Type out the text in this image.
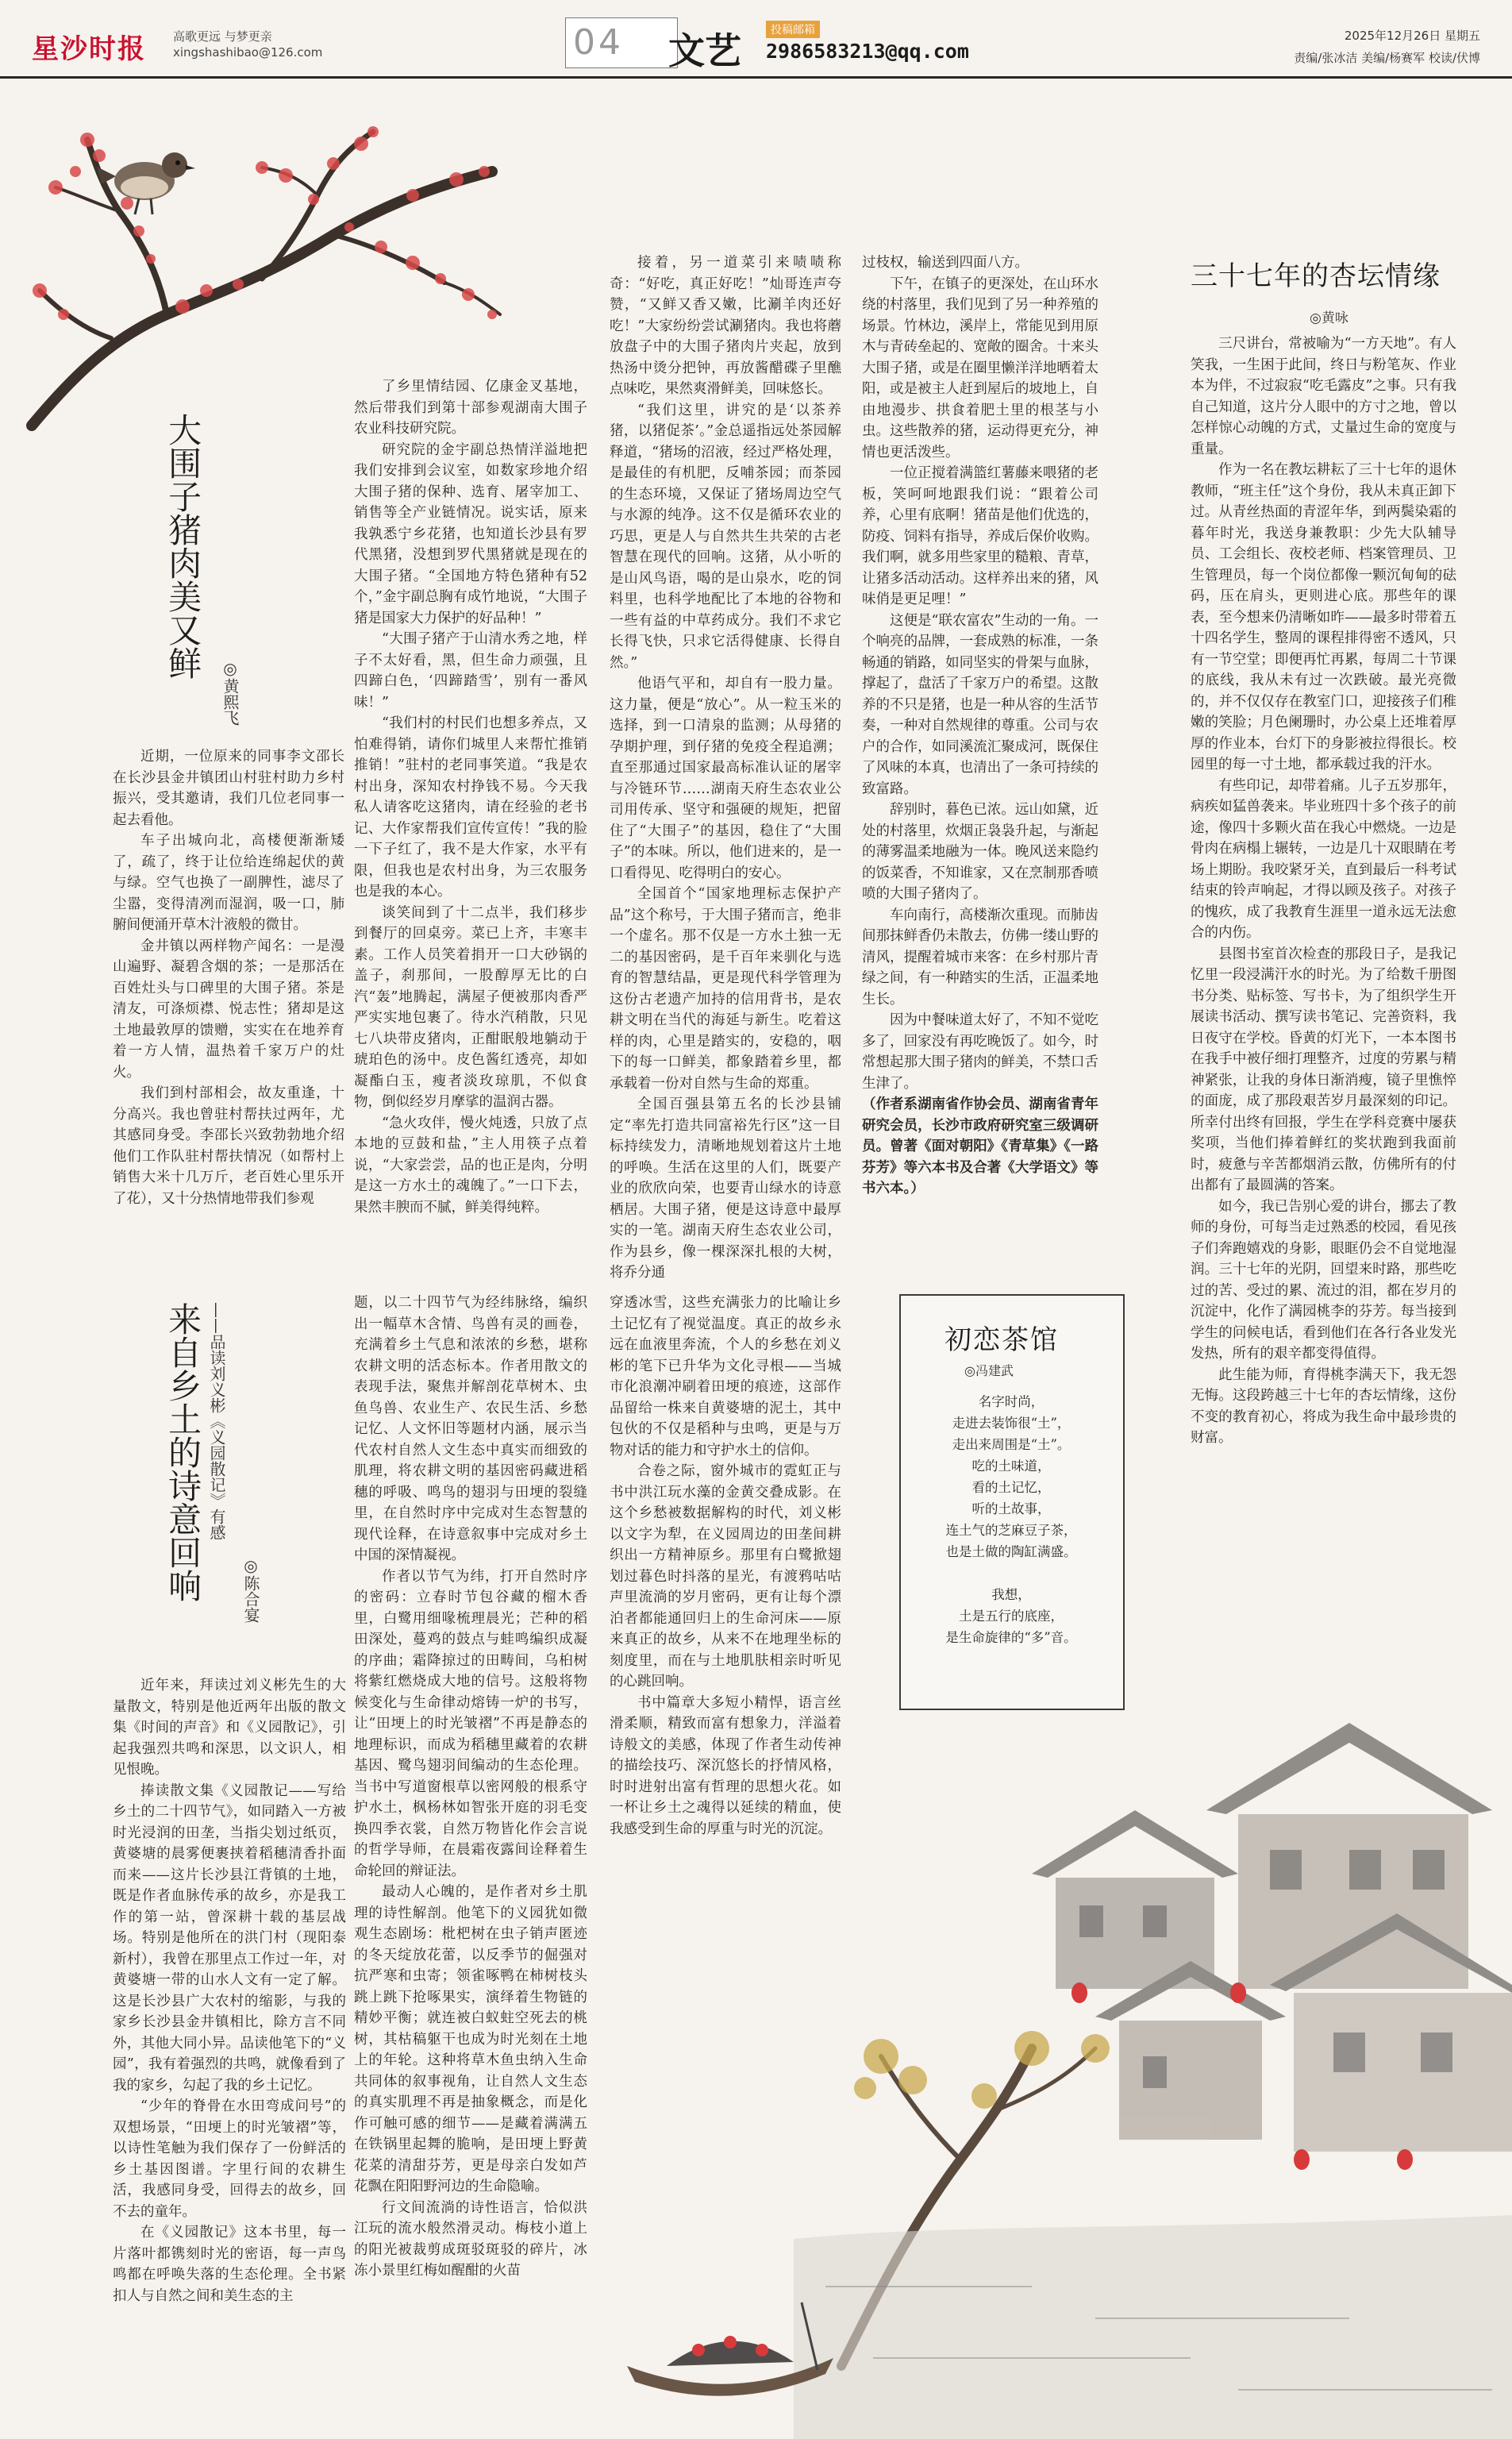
星沙时报 高歌更远 与梦更亲
xingshashibao@126.com	04 文艺	投稿邮箱
2986583213@qq.com
2025年12月26日 星期五
责编/张冰洁 美编/杨赛军 校读/伏博
大围子猪肉美又鲜 ◎黄熙飞

近期，一位原来的同事李文邵长在长沙县金井镇团山村驻村助力乡村振兴，受其邀请，我们几位老同事一起去看他。

车子出城向北，高楼便渐渐矮了，疏了，终于让位给连绵起伏的黄与绿。空气也换了一副脾性，滤尽了尘嚣，变得清冽而湿润，吸一口，肺腑间便涌开草木汁液般的微甘。

金井镇以两样物产闻名：一是漫山遍野、凝碧含烟的茶；一是那活在百姓灶头与口碑里的大围子猪。茶是清友，可涤烦襟、悦志性；猪却是这土地最敦厚的馈赠，实实在在地养育着一方人情，温热着千家万户的灶火。

我们到村部相会，故友重逢，十分高兴。我也曾驻村帮扶过两年，尤其感同身受。李邵长兴致勃勃地介绍他们工作队驻村帮扶情况（如帮村上销售大米十几万斤，老百姓心里乐开了花），又十分热情地带我们参观

了乡里情结园、亿康金叉基地，然后带我们到第十部参观湖南大围子农业科技研究院。

研究院的金宇副总热情洋溢地把我们安排到会议室，如数家珍地介绍大围子猪的保种、选育、屠宰加工、销售等全产业链情况。说实话，原来我孰悉宁乡花猪，也知道长沙县有罗代黑猪，没想到罗代黑猪就是现在的大围子猪。“全国地方特色猪种有52个，”金宇副总胸有成竹地说，“大围子猪是国家大力保护的好品种！”

“大围子猪产于山清水秀之地，样子不太好看，黑，但生命力顽强，且四蹄白色，‘四蹄踏雪’，别有一番风味！”

“我们村的村民们也想多养点，又怕难得销，请你们城里人来帮忙推销推销！”驻村的老同事笑道。“我是农村出身，深知农村挣钱不易。今天我私人请客吃这猪肉，请在经验的老书记、大作家帮我们宣传宣传！”我的脸一下子红了，我不是大作家，水平有限，但我也是农村出身，为三农服务也是我的本心。

谈笑间到了十二点半，我们移步到餐厅的回桌旁。菜已上齐，丰寒丰素。工作人员笑着捐开一口大砂锅的盖子，刹那间，一股醇厚无比的白汽“轰”地腾起，满屋子便被那肉香严严实实地包裹了。待水汽稍散，只见七八块带皮猪肉，正酣眠般地躺动于琥珀色的汤中。皮色酱红透亮，却如凝酯白玉，瘦者淡玫琼肌，不似食物，倒似经岁月摩挲的温润古器。

“急火攻伴，慢火炖透，只放了点本地的豆鼓和盐，”主人用筷子点着说，“大家尝尝，品的也正是肉，分明是这一方水土的魂魄了。”一口下去，果然丰腴而不腻，鲜美得纯粹。

接着，另一道菜引来啧啧称奇：“好吃，真正好吃！”灿哥连声夸赞，“又鲜又香又嫩，比涮羊肉还好吃！”大家纷纷尝试涮猪肉。我也将蘑放盘子中的大围子猪肉片夹起，放到热汤中烫分把钟，再放酱醋碟子里醮点味吃，果然爽滑鲜美，回味悠长。

“我们这里，讲究的是‘以茶养猪，以猪促茶’。”金总遥指远处茶园解释道，“猪场的沼液，经过严格处理，是最佳的有机肥，反哺茶园；而茶园的生态环境，又保证了猪场周边空气与水源的纯净。这不仅是循环农业的巧思，更是人与自然共生共荣的古老智慧在现代的回响。这猪，从小听的是山风鸟语，喝的是山泉水，吃的饲料里，也科学地配比了本地的谷物和一些有益的中草药成分。我们不求它长得飞快，只求它活得健康、长得自然。”

他语气平和，却自有一股力量。这力量，便是“放心”。从一粒玉米的选择，到一口清泉的监测；从母猪的孕期护理，到仔猪的免疫全程追溯；直至那通过国家最高标准认证的屠宰与冷链环节……湖南天府生态农业公司用传承、坚守和强硬的规矩，把留住了“大围子”的基因，稳住了“大围子”的本味。所以，他们进来的，是一口看得见、吃得明白的安心。

全国首个“国家地理标志保护产品”这个称号，于大围子猪而言，绝非一个虚名。那不仅是一方水土独一无二的基因密码，是千百年来驯化与选育的智慧结晶，更是现代科学管理为这份古老遗产加持的信用背书，是农耕文明在当代的海延与新生。吃着这样的肉，心里是踏实的，安稳的，咽下的每一口鲜美，都象踏着乡里，都承载着一份对自然与生命的郑重。

全国百强县第五名的长沙县铺定“率先打造共同富裕先行区”这一目标持续发力，清晰地规划着这片土地的呼唤。生活在这里的人们，既要产业的欣欣向荣，也要青山绿水的诗意栖居。大围子猪，便是这诗意中最厚实的一笔。湖南天府生态农业公司，作为县乡，像一棵深深扎根的大树，将乔分通

过枝权，输送到四面八方。

下午，在镇子的更深处，在山环水绕的村落里，我们见到了另一种养殖的场景。竹林边，溪岸上，常能见到用原木与青砖垒起的、宽敞的圈舍。十来头大围子猪，或是在圈里懒洋洋地晒着太阳，或是被主人赶到屋后的坡地上，自由地漫步、拱食着肥土里的根茎与小虫。这些散养的猪，运动得更充分，神情也更活泼些。

一位正搅着满篮红薯藤来喂猪的老板，笑呵呵地跟我们说：“跟着公司养，心里有底啊！猪苗是他们优选的，防疫、饲料有指导，养成后保价收购。我们啊，就多用些家里的糙粮、青草，让猪多活动活动。这样养出来的猪，风味俏是更足哩！”

这便是“联农富农”生动的一角。一个响亮的品牌，一套成熟的标准，一条畅通的销路，如同坚实的骨架与血脉，撑起了，盘活了千家万户的希望。这散养的不只是猪，也是一种从容的生活节奏，一种对自然规律的尊重。公司与农户的合作，如同溪流汇聚成河，既保住了风味的本真，也清出了一条可持续的致富路。

辞别时，暮色已浓。远山如黛，近处的村落里，炊烟正袅袅升起，与渐起的薄雾温柔地融为一体。晚风送来隐约的饭菜香，不知谁家，又在烹制那香喷喷的大围子猪肉了。

车向南行，高楼渐次重现。而肺齿间那抹鲜香仍未散去，仿佛一缕山野的清风，提醒着城市来客：在乡村那片青绿之间，有一种踏实的生活，正温柔地生长。

因为中餐味道太好了，不知不觉吃多了，回家没有再吃晚饭了。如今，时常想起那大围子猪肉的鲜美，不禁口舌生津了。

（作者系湖南省作协会员、湖南省青年研究会员，长沙市政府研究室三级调研员。曾著《面对朝阳》《青草集》《一路芬芳》等六本书及合著《大学语文》等书六本。）

三十七年的杏坛情缘
◎黄咏

三尺讲台，常被喻为“一方天地”。有人笑我，一生困于此间，终日与粉笔灰、作业本为伴，不过寂寂“吃毛露皮”之事。只有我自己知道，这片分人眼中的方寸之地，曾以怎样惊心动魄的方式，丈量过生命的宽度与重量。

作为一名在教坛耕耘了三十七年的退休教师，“班主任”这个身份，我从未真正卸下过。从青丝热面的青涩年华，到两鬓染霜的暮年时光，我送身兼教职：少先大队辅导员、工会组长、夜校老师、档案管理员、卫生管理员，每一个岗位都像一颗沉甸甸的砝码，压在肩头，更则进心底。那些年的课表，至今想来仍清晰如昨——最多时带着五十四名学生，整周的课程排得密不透风，只有一节空堂；即便再忙再累，每周二十节课的底线，我从未有过一次跌破。最光亮微的，并不仅仅存在教室门口，迎接孩子们稚嫩的笑脸；月色阑珊时，办公桌上还堆着厚厚的作业本，台灯下的身影被拉得很长。校园里的每一寸土地，都承载过我的汗水。

有些印记，却带着痛。儿子五岁那年，病疾如猛兽袭来。毕业班四十多个孩子的前途，像四十多颗火苗在我心中燃烧。一边是骨肉在病榻上辗转，一边是几十双眼睛在考场上期盼。我咬紧牙关，直到最后一科考试结束的铃声响起，才得以顾及孩子。对孩子的愧疚，成了我教育生涯里一道永远无法愈合的内伤。

县图书室首次检查的那段日子，是我记忆里一段浸满汗水的时光。为了给数千册图书分类、贴标签、写书卡，为了组织学生开展读书活动、撰写读书笔记、完善资料，我日夜守在学校。昏黄的灯光下，一本本图书在我手中被仔细打理整齐，过度的劳累与精神紧张，让我的身体日渐消瘦，镜子里憔悴的面庞，成了那段艰苦岁月最深刻的印记。所幸付出终有回报，学生在学科竞赛中屡获奖项，当他们捧着鲜红的奖状跑到我面前时，疲惫与辛苦都烟消云散，仿佛所有的付出都有了最圆满的答案。

如今，我已告别心爱的讲台，挪去了教师的身份，可每当走过熟悉的校园，看见孩子们奔跑嬉戏的身影，眼眶仍会不自觉地湿润。三十七年的光阴，回望来时路，那些吃过的苦、受过的累、流过的泪，都在岁月的沉淀中，化作了满园桃李的芬芳。每当接到学生的问候电话，看到他们在各行各业发光发热，所有的艰辛都变得值得。

此生能为师，育得桃李满天下，我无怨无悔。这段跨越三十七年的杏坛情缘，这份不变的教育初心，将成为我生命中最珍贵的财富。

来自乡土的诗意回响 ——品读刘义彬《义园散记》有感
◎陈合宴

近年来，拜读过刘义彬先生的大量散文，特别是他近两年出版的散文集《时间的声音》和《义园散记》，引起我强烈共鸣和深思，以文识人，相见恨晚。

捧读散文集《义园散记——写给乡土的二十四节气》，如同踏入一方被时光浸润的田垄，当指尖划过纸页，黄婆塘的晨雾便裹挟着稻穗清香扑面而来——这片长沙县江背镇的土地，既是作者血脉传承的故乡，亦是我工作的第一站，曾深耕十载的基层战场。特别是他所在的洪门村（现阳泰新村），我曾在那里点工作过一年，对黄婆塘一带的山水人文有一定了解。这是长沙县广大农村的缩影，与我的家乡长沙县金井镇相比，除方言不同外，其他大同小异。品读他笔下的“义园”，我有着强烈的共鸣，就像看到了我的家乡，勾起了我的乡土记忆。

“少年的脊骨在水田弯成问号”的双想场景，“田埂上的时光皱褶”等，以诗性笔触为我们保存了一份鲜活的乡土基因图谱。字里行间的农耕生活，我感同身受，回得去的故乡，回不去的童年。

在《义园散记》这本书里，每一片落叶都镌刻时光的密语，每一声鸟鸣都在呼唤失落的生态伦理。全书紧扣人与自然之间和美生态的主

题，以二十四节气为经纬脉络，编织出一幅草木含情、鸟兽有灵的画卷，充满着乡土气息和浓浓的乡愁，堪称农耕文明的活态标本。作者用散文的表现手法，聚焦并解剖花草树木、虫鱼鸟兽、农业生产、农民生活、乡愁记忆、人文怀旧等题材内涵，展示当代农村自然人文生态中真实而细致的肌理，将农耕文明的基因密码藏进稻穗的呼吸、鸣鸟的翅羽与田埂的裂缝里，在自然时序中完成对生态智慧的现代诠释，在诗意叙事中完成对乡土中国的深情凝视。

作者以节气为纬，打开自然时序的密码：立春时节包谷藏的榴木香里，白鹭用细喙梳理晨光；芒种的稻田深处，蔓鸡的鼓点与蛙鸣编织成凝的序曲；霜降掠过的田畴间，乌桕树将紫红燃烧成大地的信号。这般将物候变化与生命律动熔铸一炉的书写，让“田埂上的时光皱褶”不再是静态的地理标识，而成为稻穗里藏着的农耕基因、鹭鸟翅羽间编动的生态伦理。当书中写道窗根草以密网般的根系守护水土，枫杨林如智张开庭的羽毛变换四季衣裳，自然万物皆化作会言说的哲学导师，在晨霜夜露间诠释着生命轮回的辩证法。

最动人心魄的，是作者对乡土肌理的诗性解剖。他笔下的义园犹如微观生态剧场：枇杷树在虫子销声匿迹的冬天绽放花蕾，以反季节的倔强对抗严寒和虫寄；领雀啄鸭在柿树枝头跳上跳下抢啄果实，演绎着生物链的精妙平衡；就连被白蚁蛀空死去的桃树，其枯稿躯干也成为时光刻在土地上的年轮。这种将草木鱼虫纳入生命共同体的叙事视角，让自然人文生态的真实肌理不再是抽象概念，而是化作可触可感的细节——是藏着满满五在铁锅里起舞的脆响，是田埂上野黄花菜的清甜芬芳，更是母亲白发如芦花飘在阳阳野河边的生命隐喻。

行文间流淌的诗性语言，恰似洪江玩的流水般然滑灵动。梅枝小道上的阳光被裁剪成斑驳斑驳的碎片，冰冻小景里红梅如醒酣的火苗

穿透冰雪，这些充满张力的比喻让乡土记忆有了视觉温度。真正的故乡永远在血液里奔流，个人的乡愁在刘义彬的笔下已升华为文化寻根——当城市化浪潮冲刷着田埂的痕迹，这部作品留给一株来自黄婆塘的泥土，其中包伙的不仅是稻种与虫鸣，更是与万物对话的能力和守护水土的信仰。

合卷之际，窗外城市的霓虹正与书中洪江玩水藻的金黄交叠成影。在这个乡愁被数据解构的时代，刘义彬以文字为犁，在义园周边的田垄间耕织出一方精神原乡。那里有白鹭掀翅划过暮色时抖落的星光，有渡鸦咕咕声里流淌的岁月密码，更有让每个漂泊者都能通回归上的生命河床——原来真正的故乡，从来不在地理坐标的刻度里，而在与土地肌肤相亲时听见的心跳回响。

书中篇章大多短小精悍，语言丝滑柔顺，精致而富有想象力，洋溢着诗般文的美感，体现了作者生动传神的描绘技巧、深沉悠长的抒情风格，时时进射出富有哲理的思想火花。如一杯让乡土之魂得以延续的精血，使我感受到生命的厚重与时光的沉淀。

初恋茶馆
◎冯建武
名字时尚，
走进去装饰很“土”，
走出来周围是“土”。
吃的土味道，
看的土记忆，
听的土故事，
连土气的芝麻豆子茶，
也是土做的陶缸满盛。
我想，
土是五行的底座，
是生命旋律的“多”音。
